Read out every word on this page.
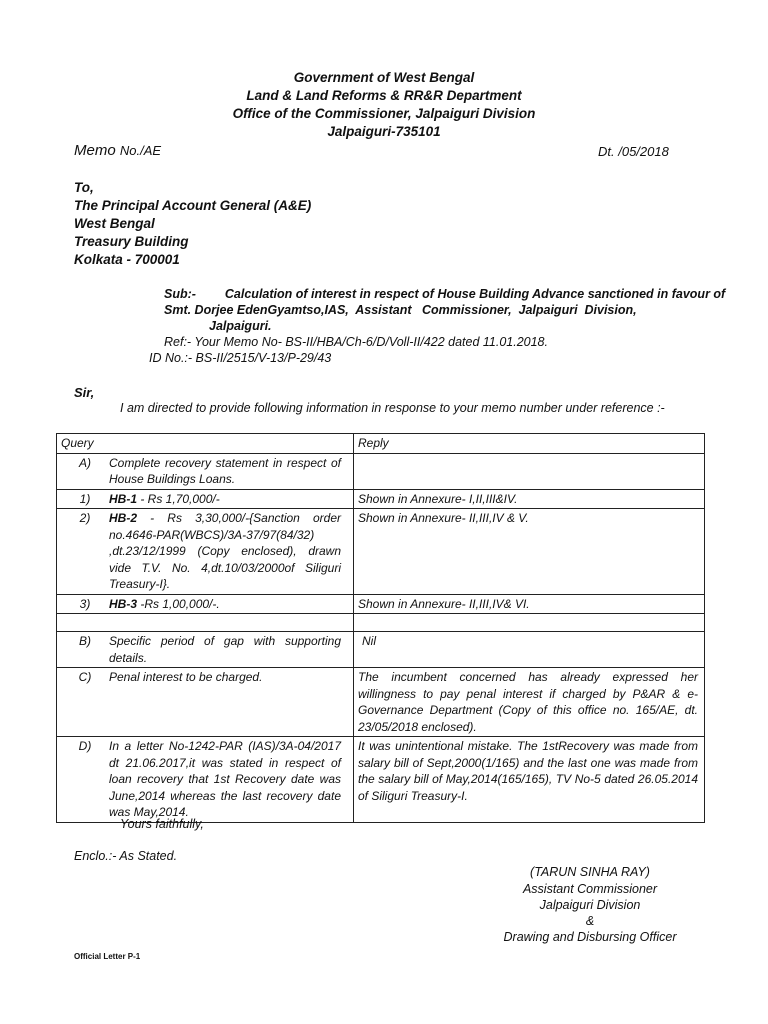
Government of West Bengal
Land & Land Reforms & RR&R Department
Office of the Commissioner, Jalpaiguri Division
Jalpaiguri-735101
Memo No./AE	Dt. /05/2018
To,
The Principal Account General (A&E)
West Bengal
Treasury Building
Kolkata - 700001
Sub:- Calculation of interest in respect of House Building Advance sanctioned in favour of
Smt. Dorjee EdenGyamtso,IAS,  Assistant   Commissioner,  Jalpaiguri  Division,
Jalpaiguri.
Ref:- Your Memo No- BS-II/HBA/Ch-6/D/Voll-II/422 dated 11.01.2018.
ID No.:- BS-II/2515/V-13/P-29/43
Sir,
I am directed to provide following information in response to your memo number under reference :-
Query	Reply
A) Complete recovery statement in respect of House Buildings Loans.	
1) HB-1 - Rs 1,70,000/-	Shown in Annexure- I,II,III&IV.
2) HB-2 - Rs 3,30,000/-{Sanction order no.4646-PAR(WBCS)/3A-37/97(84/32) ,dt.23/12/1999 (Copy enclosed), drawn vide T.V. No. 4,dt.10/03/2000of Siliguri Treasury-I}.	Shown in Annexure- II,III,IV & V.
3) HB-3 -Rs 1,00,000/-.	Shown in Annexure- II,III,IV& VI.

B) Specific period of gap with supporting details.	Nil
C) Penal interest to be charged.	The incumbent concerned has already expressed her willingness to pay penal interest if charged by P&AR & e-Governance Department (Copy of this office no. 165/AE, dt. 23/05/2018 enclosed).
D) In a letter No-1242-PAR (IAS)/3A-04/2017 dt 21.06.2017,it was stated in respect of loan recovery that 1st Recovery date was June,2014 whereas the last recovery date was May,2014.	It was unintentional mistake. The 1stRecovery was made from salary bill of Sept,2000(1/165) and the last one was made from the salary bill of May,2014(165/165), TV No-5 dated 26.05.2014 of Siliguri Treasury-I.
Yours faithfully,
Enclo.:- As Stated.
(TARUN SINHA RAY)
Assistant Commissioner
Jalpaiguri Division
&
Drawing and Disbursing Officer
Official Letter P-1
